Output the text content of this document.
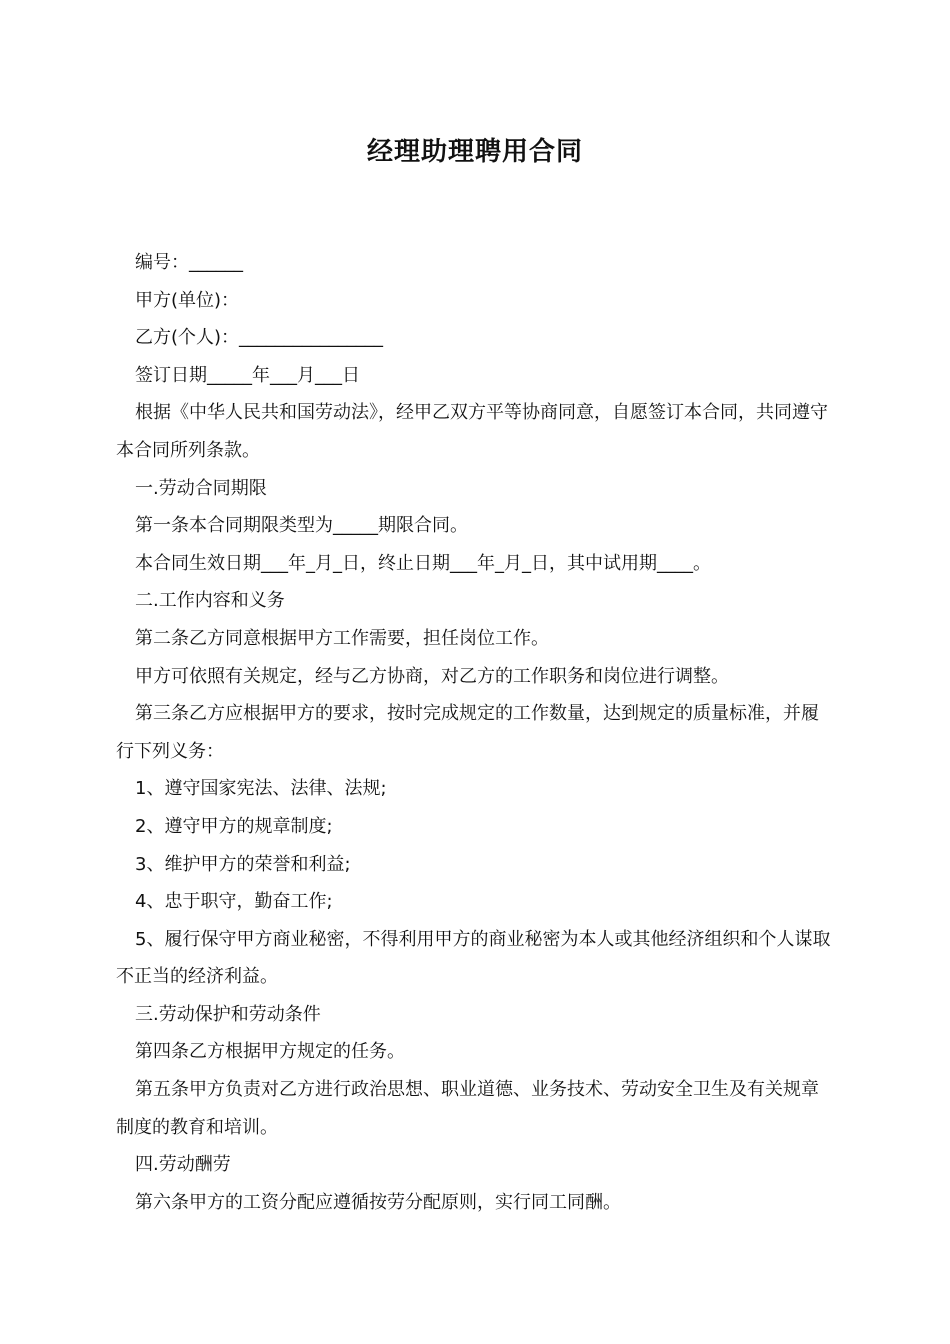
经理助理聘用合同

编号：______

甲方(单位)：

乙方(个人)：________________

签订日期_____年___月___日

根据《中华人民共和国劳动法》，经甲乙双方平等协商同意，自愿签订本合同，共同遵守本合同所列条款。

一.劳动合同期限

第一条本合同期限类型为_____期限合同。

本合同生效日期___年_月_日，终止日期___年_月_日，其中试用期____。

二.工作内容和义务

第二条乙方同意根据甲方工作需要，担任岗位工作。

甲方可依照有关规定，经与乙方协商，对乙方的工作职务和岗位进行调整。

第三条乙方应根据甲方的要求，按时完成规定的工作数量，达到规定的质量标准，并履行下列义务：

1、遵守国家宪法、法律、法规;

2、遵守甲方的规章制度;

3、维护甲方的荣誉和利益;

4、忠于职守，勤奋工作;

5、履行保守甲方商业秘密，不得利用甲方的商业秘密为本人或其他经济组织和个人谋取不正当的经济利益。

三.劳动保护和劳动条件

第四条乙方根据甲方规定的任务。

第五条甲方负责对乙方进行政治思想、职业道德、业务技术、劳动安全卫生及有关规章制度的教育和培训。

四.劳动酬劳

第六条甲方的工资分配应遵循按劳分配原则，实行同工同酬。
